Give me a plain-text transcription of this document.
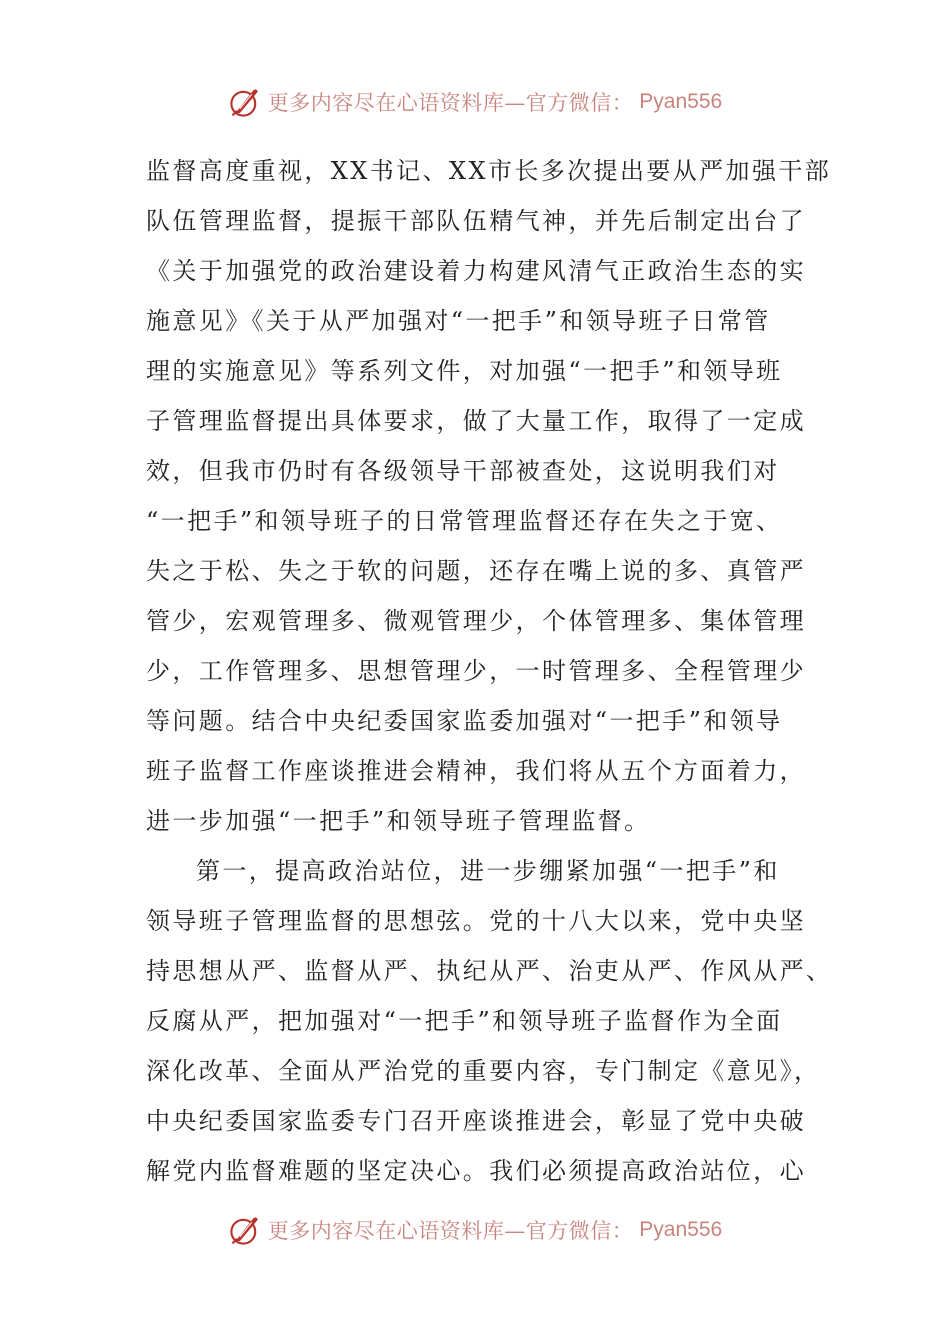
更多内容尽在心语资料库—官方微信： Pyan556
监督高度重视，XX书记、XX市长多次提出要从严加强干部
队伍管理监督，提振干部队伍精气神，并先后制定出台了
《关于加强党的政治建设着力构建风清气正政治生态的实
施意见》《关于从严加强对“一把手”和领导班子日常管
理的实施意见》等系列文件，对加强“一把手”和领导班
子管理监督提出具体要求，做了大量工作，取得了一定成
效，但我市仍时有各级领导干部被查处，这说明我们对
“一把手”和领导班子的日常管理监督还存在失之于宽、
失之于松、失之于软的问题，还存在嘴上说的多、真管严
管少，宏观管理多、微观管理少，个体管理多、集体管理
少，工作管理多、思想管理少，一时管理多、全程管理少
等问题。结合中央纪委国家监委加强对“一把手”和领导
班子监督工作座谈推进会精神，我们将从五个方面着力，
进一步加强“一把手”和领导班子管理监督。
第一，提高政治站位，进一步绷紧加强“一把手”和
领导班子管理监督的思想弦。党的十八大以来，党中央坚
持思想从严、监督从严、执纪从严、治吏从严、作风从严、
反腐从严，把加强对“一把手”和领导班子监督作为全面
深化改革、全面从严治党的重要内容，专门制定《意见》，
中央纪委国家监委专门召开座谈推进会，彰显了党中央破
解党内监督难题的坚定决心。我们必须提高政治站位，心
更多内容尽在心语资料库—官方微信： Pyan556
